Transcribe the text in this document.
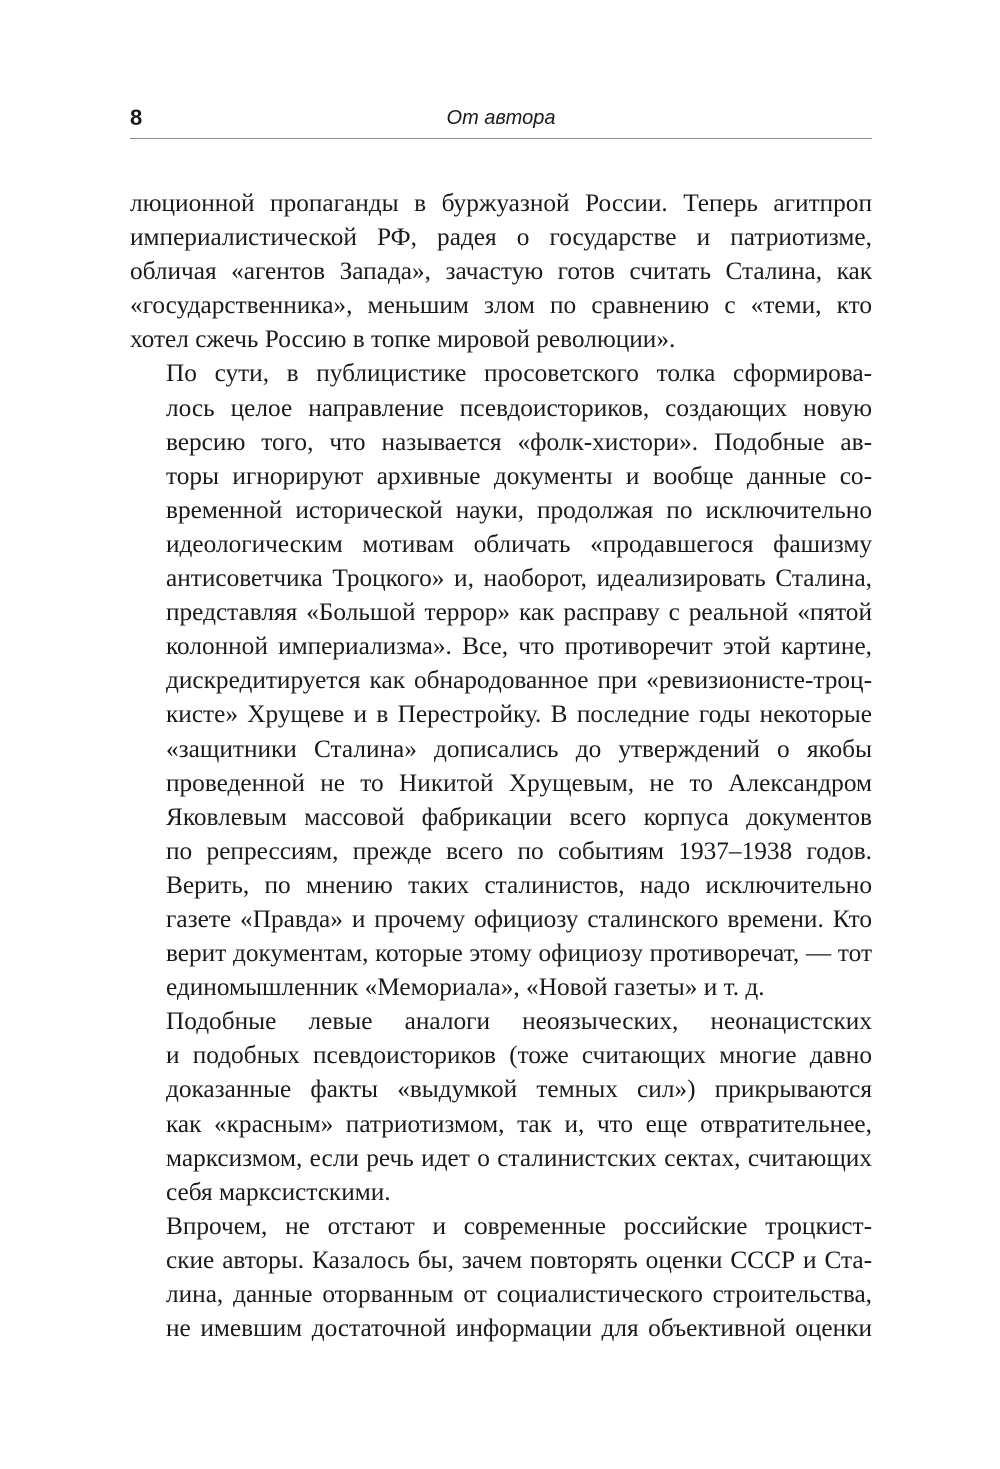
8	От автора
люционной пропаганды в буржуазной России. Теперь агитпроп
империалистической РФ, радея о государстве и патриотизме,
обличая «агентов Запада», зачастую готов считать Сталина, как
«государственника», меньшим злом по сравнению с «теми, кто
хотел сжечь Россию в топке мировой революции».
По сути, в публицистике просоветского толка сформирова-
лось целое направление псевдоисториков, создающих новую
версию того, что называется «фолк-хистори». Подобные ав-
торы игнорируют архивные документы и вообще данные со-
временной исторической науки, продолжая по исключительно
идеологическим мотивам обличать «продавшегося фашизму
антисоветчика Троцкого» и, наоборот, идеализировать Сталина,
представляя «Большой террор» как расправу с реальной «пятой
колонной империализма». Все, что противоречит этой картине,
дискредитируется как обнародованное при «ревизионисте-троц-
кисте» Хрущеве и в Перестройку. В последние годы некоторые
«защитники Сталина» дописались до утверждений о якобы
проведенной не то Никитой Хрущевым, не то Александром
Яковлевым массовой фабрикации всего корпуса документов
по репрессиям, прежде всего по событиям 1937–1938 годов.
Верить, по мнению таких сталинистов, надо исключительно
газете «Правда» и прочему официозу сталинского времени. Кто
верит документам, которые этому официозу противоречат, — тот
единомышленник «Мемориала», «Новой газеты» и т. д.
Подобные левые аналоги неоязыческих, неонацистских
и подобных псевдоисториков (тоже считающих многие давно
доказанные факты «выдумкой темных сил») прикрываются
как «красным» патриотизмом, так и, что еще отвратительнее,
марксизмом, если речь идет о сталинистских сектах, считающих
себя марксистскими.
Впрочем, не отстают и современные российские троцкист-
ские авторы. Казалось бы, зачем повторять оценки СССР и Ста-
лина, данные оторванным от социалистического строительства,
не имевшим достаточной информации для объективной оценки
